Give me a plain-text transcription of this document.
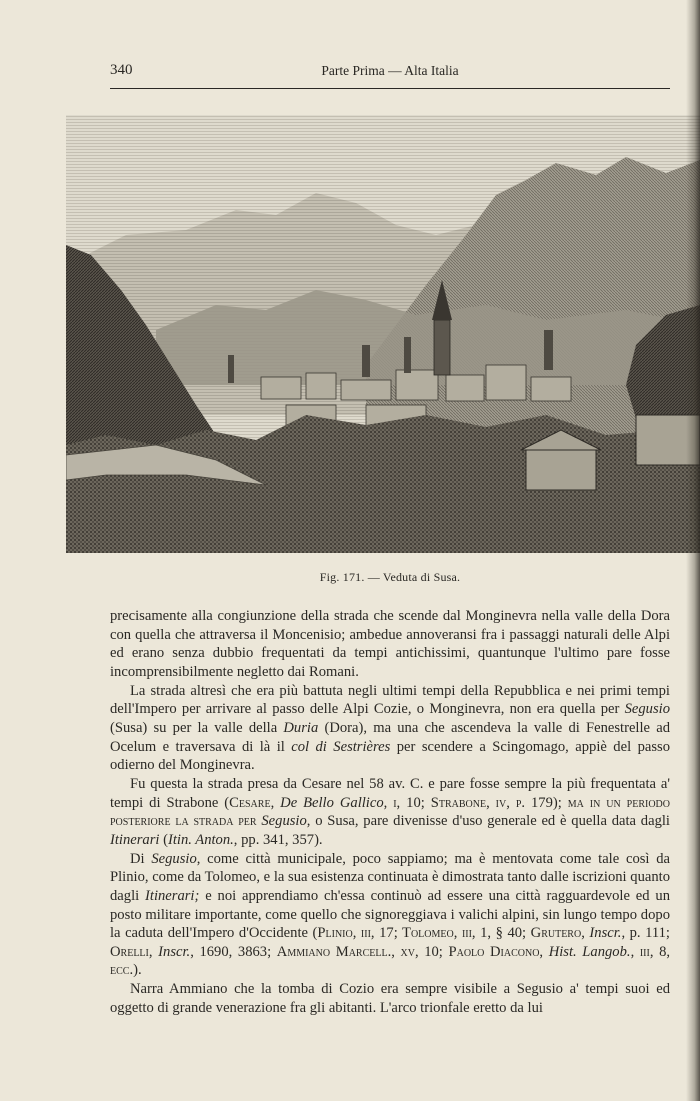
340	Parte Prima — Alta Italia
Fig. 171. — Veduta di Susa.

precisamente alla congiunzione della strada che scende dal Monginevra nella valle della Dora con quella che attraversa il Moncenisio; ambedue annoveransi fra i passaggi naturali delle Alpi ed erano senza dubbio frequentati da tempi antichissimi, quantunque l'ultimo pare fosse incomprensibilmente negletto dai Romani.

La strada altresì che era più battuta negli ultimi tempi della Repubblica e nei primi tempi dell'Impero per arrivare al passo delle Alpi Cozie, o Monginevra, non era quella per Segusio (Susa) su per la valle della Duria (Dora), ma una che ascendeva la valle di Fenestrelle ad Ocelum e traversava di là il col di Sestrières per scendere a Scingomago, appiè del passo odierno del Monginevra.

Fu questa la strada presa da Cesare nel 58 av. C. e pare fosse sempre la più frequentata a' tempi di Strabone (Cesare, De Bello Gallico, i, 10; Strabone, iv, p. 179); ma in un periodo posteriore la strada per Segusio, o Susa, pare divenisse d'uso generale ed è quella data dagli Itinerari (Itin. Anton., pp. 341, 357).

Di Segusio, come città municipale, poco sappiamo; ma è mentovata come tale così da Plinio, come da Tolomeo, e la sua esistenza continuata è dimostrata tanto dalle iscrizioni quanto dagli Itinerari; e noi apprendiamo ch'essa continuò ad essere una città ragguardevole ed un posto militare importante, come quello che signoreggiava i valichi alpini, sin lungo tempo dopo la caduta dell'Impero d'Occidente (Plinio, iii, 17; Tolomeo, iii, 1, § 40; Grutero, Inscr., p. 111; Orelli, Inscr., 1690, 3863; Ammiano Marcell., xv, 10; Paolo Diacono, Hist. Langob., iii, 8, ecc.).

Narra Ammiano che la tomba di Cozio era sempre visibile a Segusio a' tempi suoi ed oggetto di grande venerazione fra gli abitanti. L'arco trionfale eretto da lui
